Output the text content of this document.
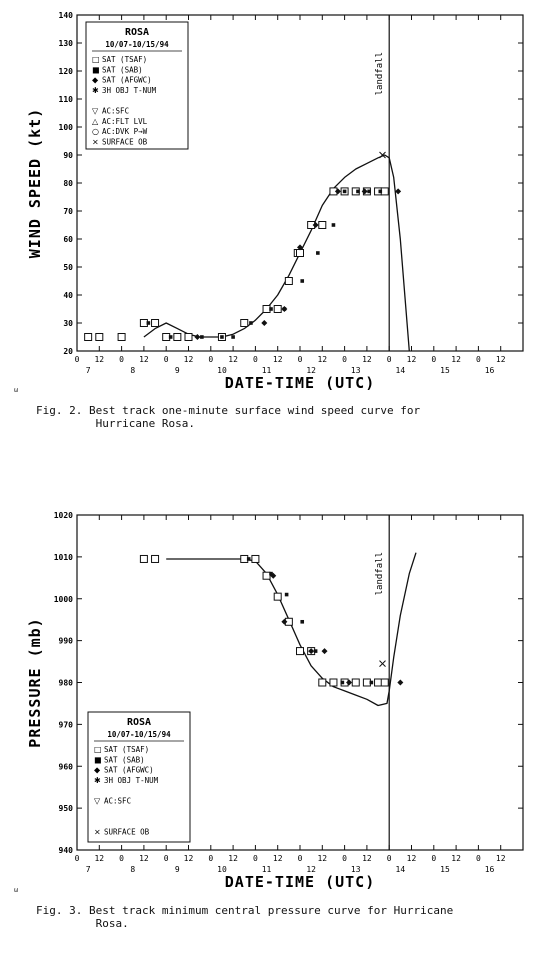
20
30
40
50
60
70
80
90
100
110
120
130
140
0 12 0 12 0 12 0 12 0 12 0 12 0 12 0 12 0 12 0 12
7	8	9	10	11	12	13	14	15	16
DATE-TIME (UTC)
WIND SPEED (kt)
landfall
ROSA
10/07-10/15/94
□ SAT (TSAF)
■ SAT (SAB)
◆ SAT (AFGWC)
✱ 3H OBJ T-NUM
▽ AC:SFC
△ AC:FLT LVL
○ AC:DVK P→W
× SURFACE OB
940
950
960
970
980
990
1000
1010
1020
0 12 0 12 0 12 0 12 0 12 0 12 0 12 0 12 0 12 0 12
7	8	9	10	11	12	13	14	15	16
DATE-TIME (UTC)
PRESSURE (mb)
landfall
ROSA
10/07-10/15/94
□ SAT (TSAF)
■ SAT (SAB)
◆ SAT (AFGWC)
✱ 3H OBJ T-NUM
▽ AC:SFC
× SURFACE OB
Fig. 2. Best track one-minute surface wind speed curve for
Hurricane Rosa.
Fig. 3. Best track minimum central pressure curve for Hurricane
Rosa.
ω
ω
